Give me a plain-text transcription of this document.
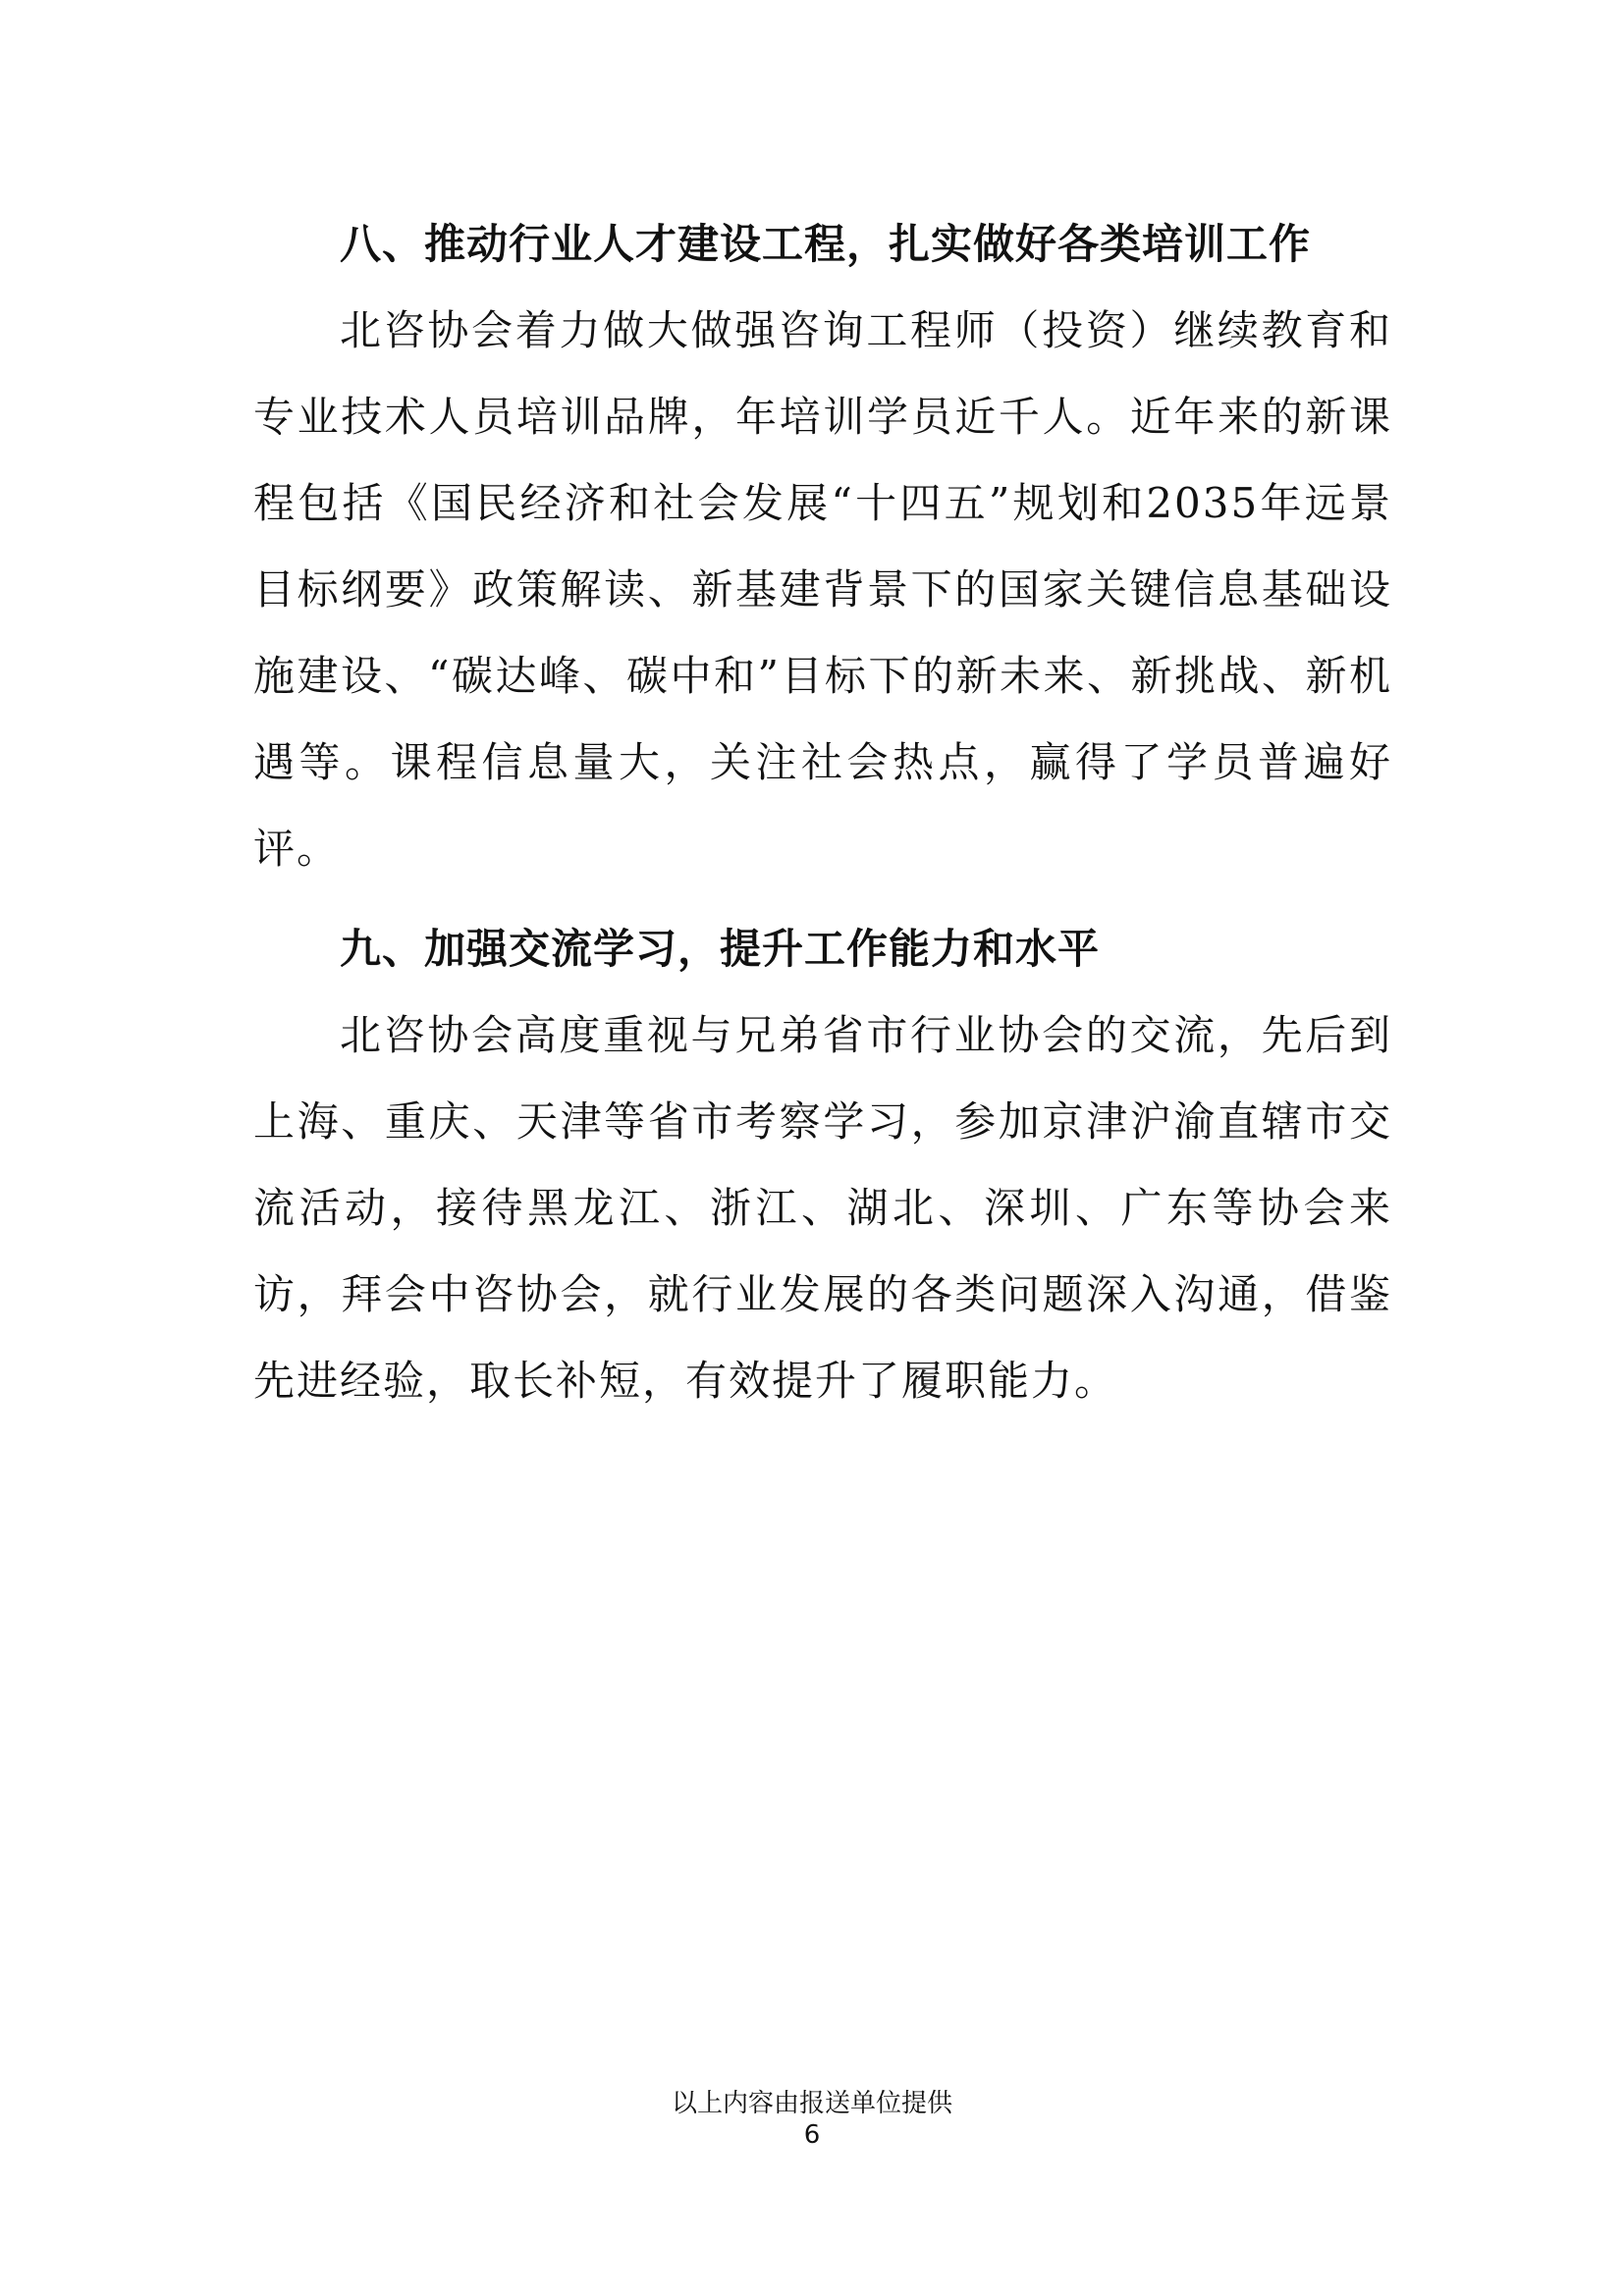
八、推动行业人才建设工程，扎实做好各类培训工作

北咨协会着力做大做强咨询工程师（投资）继续教育和专业技术人员培训品牌，年培训学员近千人。近年来的新课程包括《国民经济和社会发展“十四五”规划和2035年远景目标纲要》政策解读、新基建背景下的国家关键信息基础设施建设、“碳达峰、碳中和”目标下的新未来、新挑战、新机遇等。课程信息量大，关注社会热点，赢得了学员普遍好评。

九、加强交流学习，提升工作能力和水平

北咨协会高度重视与兄弟省市行业协会的交流，先后到上海、重庆、天津等省市考察学习，参加京津沪渝直辖市交流活动，接待黑龙江、浙江、湖北、深圳、广东等协会来访，拜会中咨协会，就行业发展的各类问题深入沟通，借鉴先进经验，取长补短，有效提升了履职能力。

以上内容由报送单位提供
6
